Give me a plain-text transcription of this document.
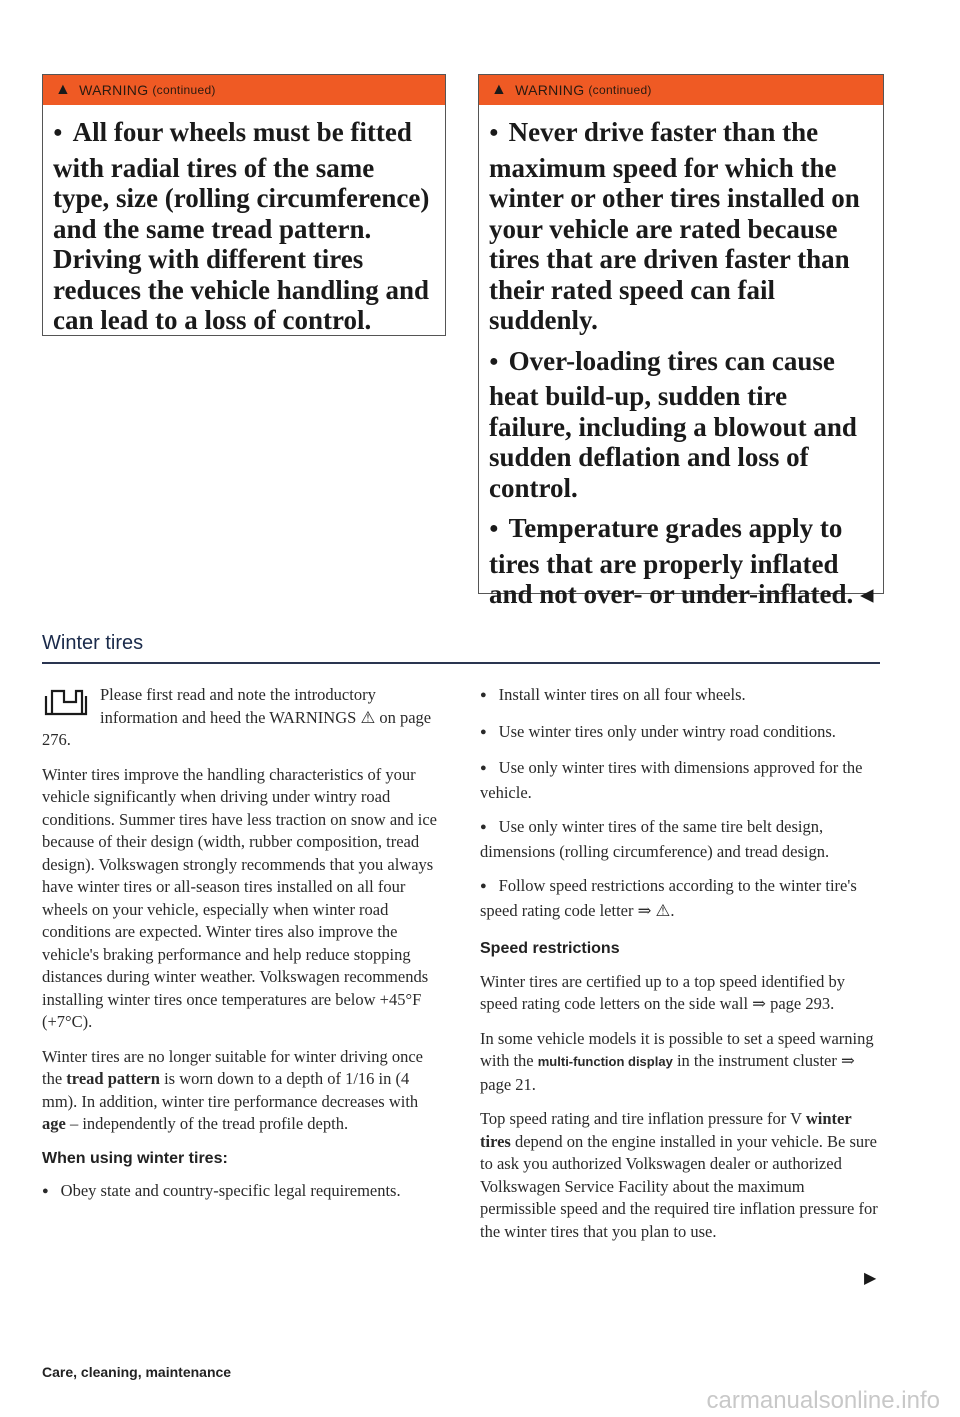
▲ WARNING (continued)

● All four wheels must be fitted with radial tires of the same type, size (rolling circumference) and the same tread pattern. Driving with different tires reduces the vehicle handling and can lead to a loss of control.

▲ WARNING (continued)

● Never drive faster than the maximum speed for which the winter or other tires installed on your vehicle are rated because tires that are driven faster than their rated speed can fail suddenly.

● Over-loading tires can cause heat build-up, sudden tire failure, including a blowout and sudden deflation and loss of control.

● Temperature grades apply to tires that are properly inflated and not over- or under-inflated. ◂

Winter tires

Please first read and note the introductory information and heed the WARNINGS ⚠ on page 276.

Winter tires improve the handling characteristics of your vehicle significantly when driving under wintry road conditions. Summer tires have less traction on snow and ice because of their design (width, rubber composition, tread design). Volkswagen strongly recommends that you always have winter tires or all-season tires installed on all four wheels on your vehicle, especially when winter road conditions are expected. Winter tires also improve the vehicle's braking performance and help reduce stopping distances during winter weather. Volkswagen recommends installing winter tires once temperatures are below +45°F (+7°C).

Winter tires are no longer suitable for winter driving once the tread pattern is worn down to a depth of 1/16 in (4 mm). In addition, winter tire performance decreases with age – independently of the tread profile depth.

When using winter tires:

● Obey state and country-specific legal requirements.

● Install winter tires on all four wheels.

● Use winter tires only under wintry road conditions.

● Use only winter tires with dimensions approved for the vehicle.

● Use only winter tires of the same tire belt design, dimensions (rolling circumference) and tread design.

● Follow speed restrictions according to the winter tire's speed rating code letter ⇒ ⚠.

Speed restrictions

Winter tires are certified up to a top speed identified by speed rating code letters on the side wall ⇒ page 293.

In some vehicle models it is possible to set a speed warning with the multi-function display in the instrument cluster ⇒ page 21.

Top speed rating and tire inflation pressure for V winter tires depend on the engine installed in your vehicle. Be sure to ask you authorized Volkswagen dealer or authorized Volkswagen Service Facility about the maximum permissible speed and the required tire inflation pressure for the winter tires that you plan to use.

▶
Care, cleaning, maintenance
carmanualsonline.info
